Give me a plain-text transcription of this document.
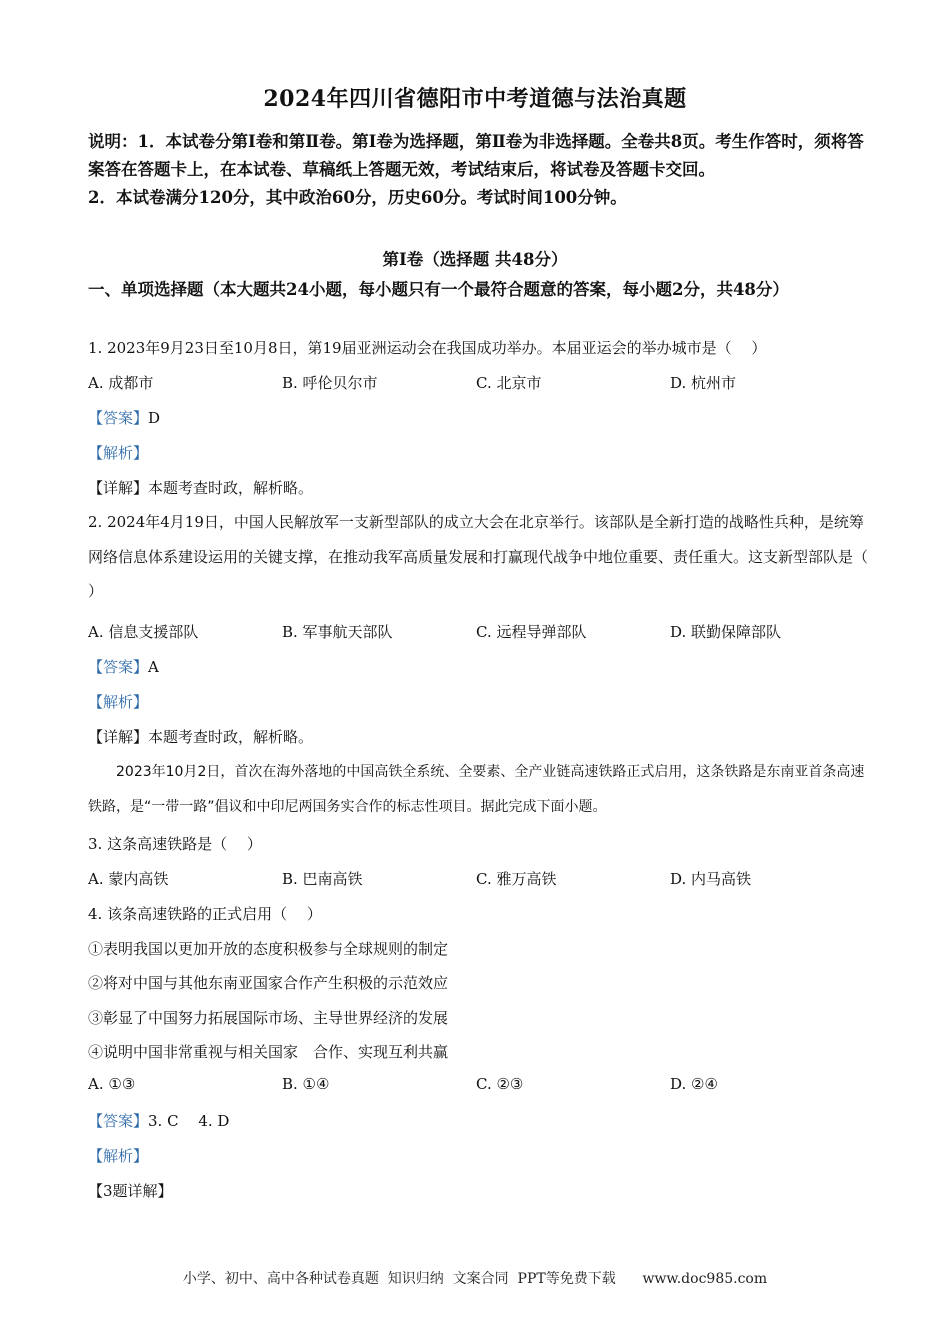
2024年四川省德阳市中考道德与法治真题
说明：1．本试卷分第Ⅰ卷和第Ⅱ卷。第Ⅰ卷为选择题，第Ⅱ卷为非选择题。全卷共8页。考生作答时，须将答案答在答题卡上，在本试卷、草稿纸上答题无效，考试结束后，将试卷及答题卡交回。
2．本试卷满分120分，其中政治60分，历史60分。考试时间100分钟。
第Ⅰ卷（选择题 共48分）
一、单项选择题（本大题共24小题，每小题只有一个最符合题意的答案，每小题2分，共48分）
1. 2023年9月23日至10月8日，第19届亚洲运动会在我国成功举办。本届亚运会的举办城市是（　 ）
A. 成都市	B. 呼伦贝尔市	C. 北京市	D. 杭州市
【答案】D
【解析】
【详解】本题考查时政，解析略。
2. 2024年4月19日，中国人民解放军一支新型部队的成立大会在北京举行。该部队是全新打造的战略性兵种，是统筹网络信息体系建设运用的关键支撑，在推动我军高质量发展和打赢现代战争中地位重要、责任重大。这支新型部队是（　 ）
A. 信息支援部队	B. 军事航天部队	C. 远程导弹部队	D. 联勤保障部队
【答案】A
【解析】
【详解】本题考查时政，解析略。
2023年10月2日，首次在海外落地的中国高铁全系统、全要素、全产业链高速铁路正式启用，这条铁路是东南亚首条高速铁路，是“一带一路”倡议和中印尼两国务实合作的标志性项目。据此完成下面小题。
3. 这条高速铁路是（　 ）
A. 蒙内高铁	B. 巴南高铁	C. 雅万高铁	D. 内马高铁
4. 该条高速铁路的正式启用（　 ）
①表明我国以更加开放的态度积极参与全球规则的制定
②将对中国与其他东南亚国家合作产生积极的示范效应
③彰显了中国努力拓展国际市场、主导世界经济的发展
④说明中国非常重视与相关国家　合作、实现互利共赢
A. ①③	B. ①④	C. ②③	D. ②④
【答案】3. C　 4. D
【解析】
【3题详解】
小学、初中、高中各种试卷真题  知识归纳  文案合同  PPT等免费下载      www.doc985.com
